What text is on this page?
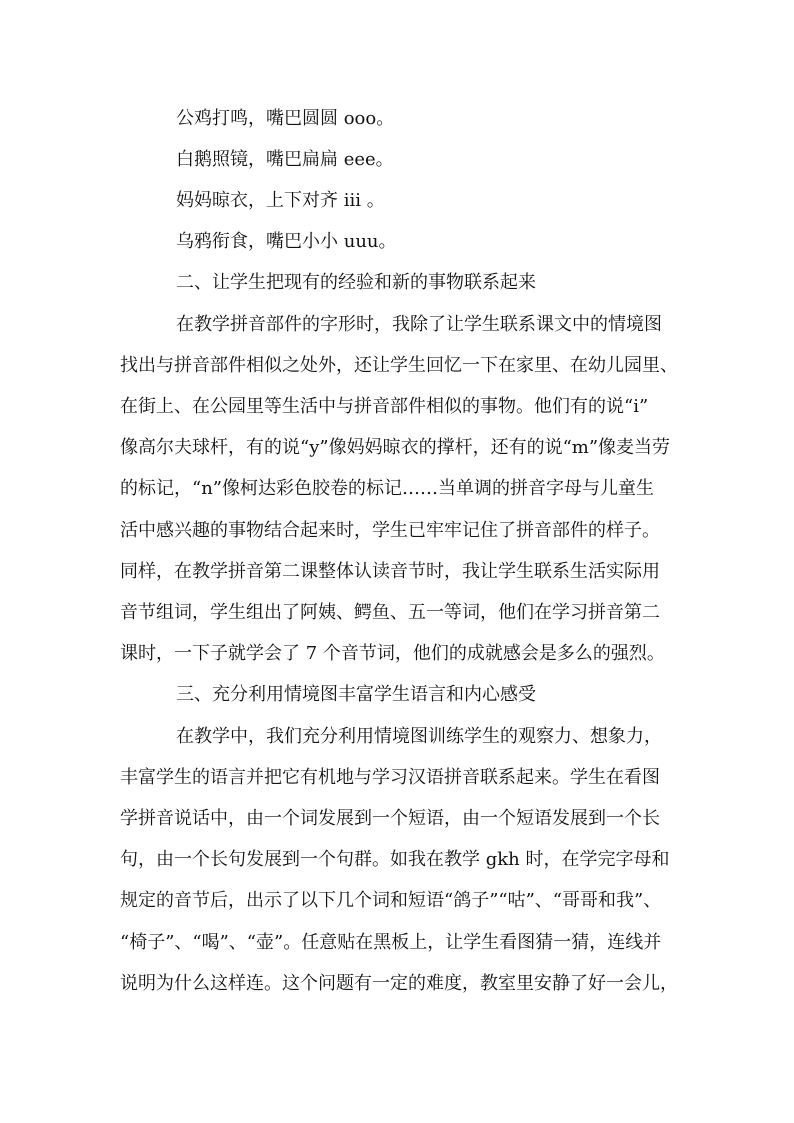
公鸡打鸣，嘴巴圆圆 ooo。
白鹅照镜，嘴巴扁扁 eee。
妈妈晾衣，上下对齐 iii 。
乌鸦衔食，嘴巴小小 uuu。
二、让学生把现有的经验和新的事物联系起来
在教学拼音部件的字形时，我除了让学生联系课文中的情境图
找出与拼音部件相似之处外，还让学生回忆一下在家里、在幼儿园里、
在街上、在公园里等生活中与拼音部件相似的事物。他们有的说“i”
像高尔夫球杆，有的说“y”像妈妈晾衣的撑杆，还有的说“m”像麦当劳
的标记，“n”像柯达彩色胶卷的标记……当单调的拼音字母与儿童生
活中感兴趣的事物结合起来时，学生已牢牢记住了拼音部件的样子。
同样，在教学拼音第二课整体认读音节时，我让学生联系生活实际用
音节组词，学生组出了阿姨、鳄鱼、五一等词，他们在学习拼音第二
课时，一下子就学会了 7 个音节词，他们的成就感会是多么的强烈。
三、充分利用情境图丰富学生语言和内心感受
在教学中，我们充分利用情境图训练学生的观察力、想象力，
丰富学生的语言并把它有机地与学习汉语拼音联系起来。学生在看图
学拼音说话中，由一个词发展到一个短语，由一个短语发展到一个长
句，由一个长句发展到一个句群。如我在教学 gkh 时，在学完字母和
规定的音节后，出示了以下几个词和短语“鸽子”“咕”、“哥哥和我”、
“椅子”、“喝”、“壶”。任意贴在黑板上，让学生看图猜一猜，连线并
说明为什么这样连。这个问题有一定的难度，教室里安静了好一会儿，
